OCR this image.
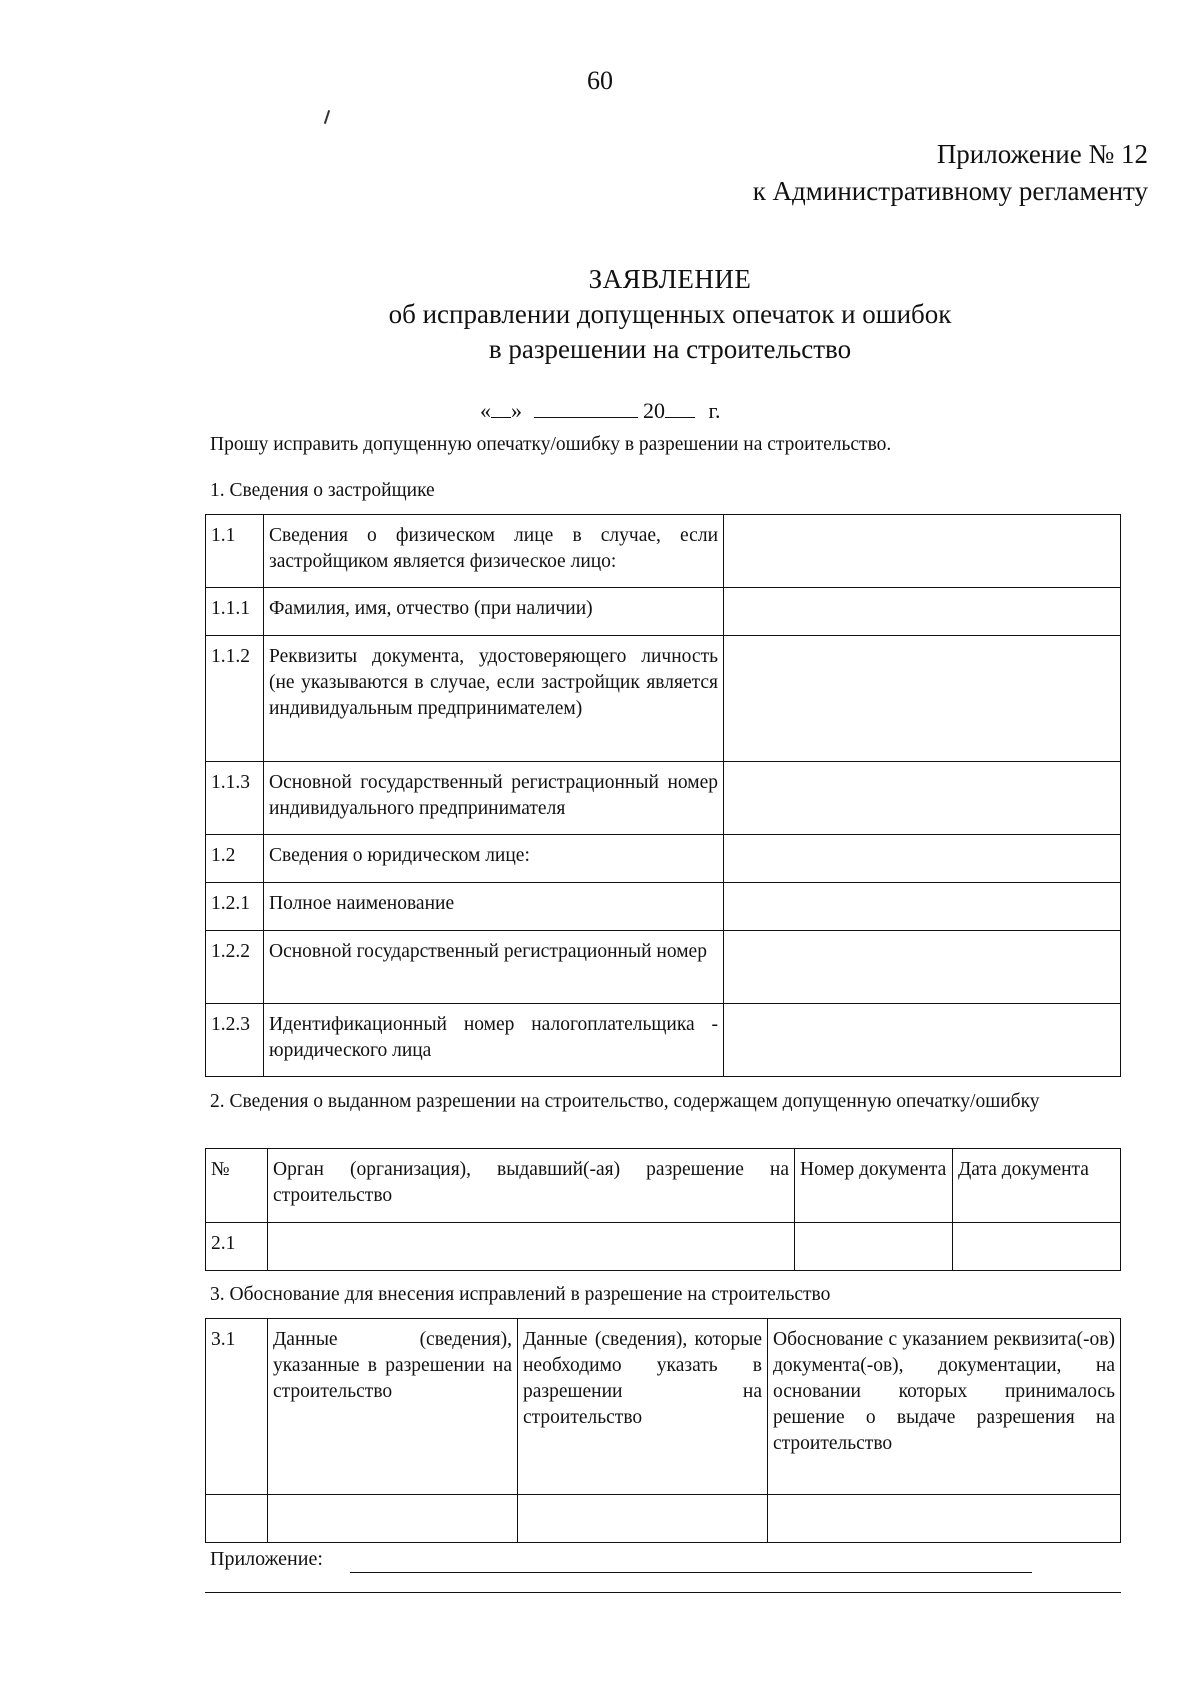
60
Приложение № 12
к Административному регламенту
ЗАЯВЛЕНИЕ
об исправлении допущенных опечаток и ошибок
в разрешении на строительство
« »	20 г.
Прошу исправить допущенную опечатку/ошибку в разрешении на строительство.
1. Сведения о застройщике
1.1	Сведения о физическом лице в случае, если застройщиком является физическое лицо:	
1.1.1	Фамилия, имя, отчество (при наличии)	
1.1.2	Реквизиты документа, удостоверяющего личность (не указываются в случае, если застройщик является индивидуальным предпринимателем)	
1.1.3	Основной государственный регистрационный номер индивидуального предпринимателя	
1.2	Сведения о юридическом лице:	
1.2.1	Полное наименование	
1.2.2	Основной государственный регистрационный номер	
1.2.3	Идентификационный номер налогоплательщика - юридического лица	
2. Сведения о выданном разрешении на строительство, содержащем допущенную опечатку/ошибку
№	Орган (организация), выдавший(-ая) разрешение на строительство	Номер документа	Дата документа
2.1			
3. Обоснование для внесения исправлений в разрешение на строительство
3.1	Данные (сведения), указанные в разрешении на строительство	Данные (сведения), которые необходимо указать в разрешении на строительство	Обоснование с указанием реквизита(-ов) документа(-ов), документации, на основании которых принималось решение о выдаче разрешения на строительство

Приложение:
